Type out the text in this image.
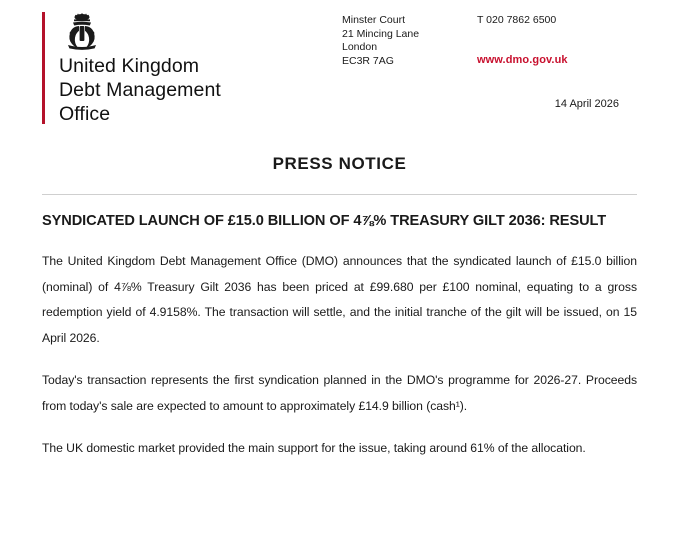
United Kingdom
Debt Management
Office
Minster Court
21 Mincing Lane
London
EC3R 7AG
T 020 7862 6500
www.dmo.gov.uk
14 April 2026
PRESS NOTICE
SYNDICATED LAUNCH OF £15.0 BILLION OF 4⅞% TREASURY GILT 2036: RESULT

The United Kingdom Debt Management Office (DMO) announces that the syndicated launch of £15.0 billion (nominal) of 4⅞% Treasury Gilt 2036 has been priced at £99.680 per £100 nominal, equating to a gross redemption yield of 4.9158%. The transaction will settle, and the initial tranche of the gilt will be issued, on 15 April 2026.

Today's transaction represents the first syndication planned in the DMO's programme for 2026-27. Proceeds from today's sale are expected to amount to approximately £14.9 billion (cash¹).

The UK domestic market provided the main support for the issue, taking around 61% of the allocation.
